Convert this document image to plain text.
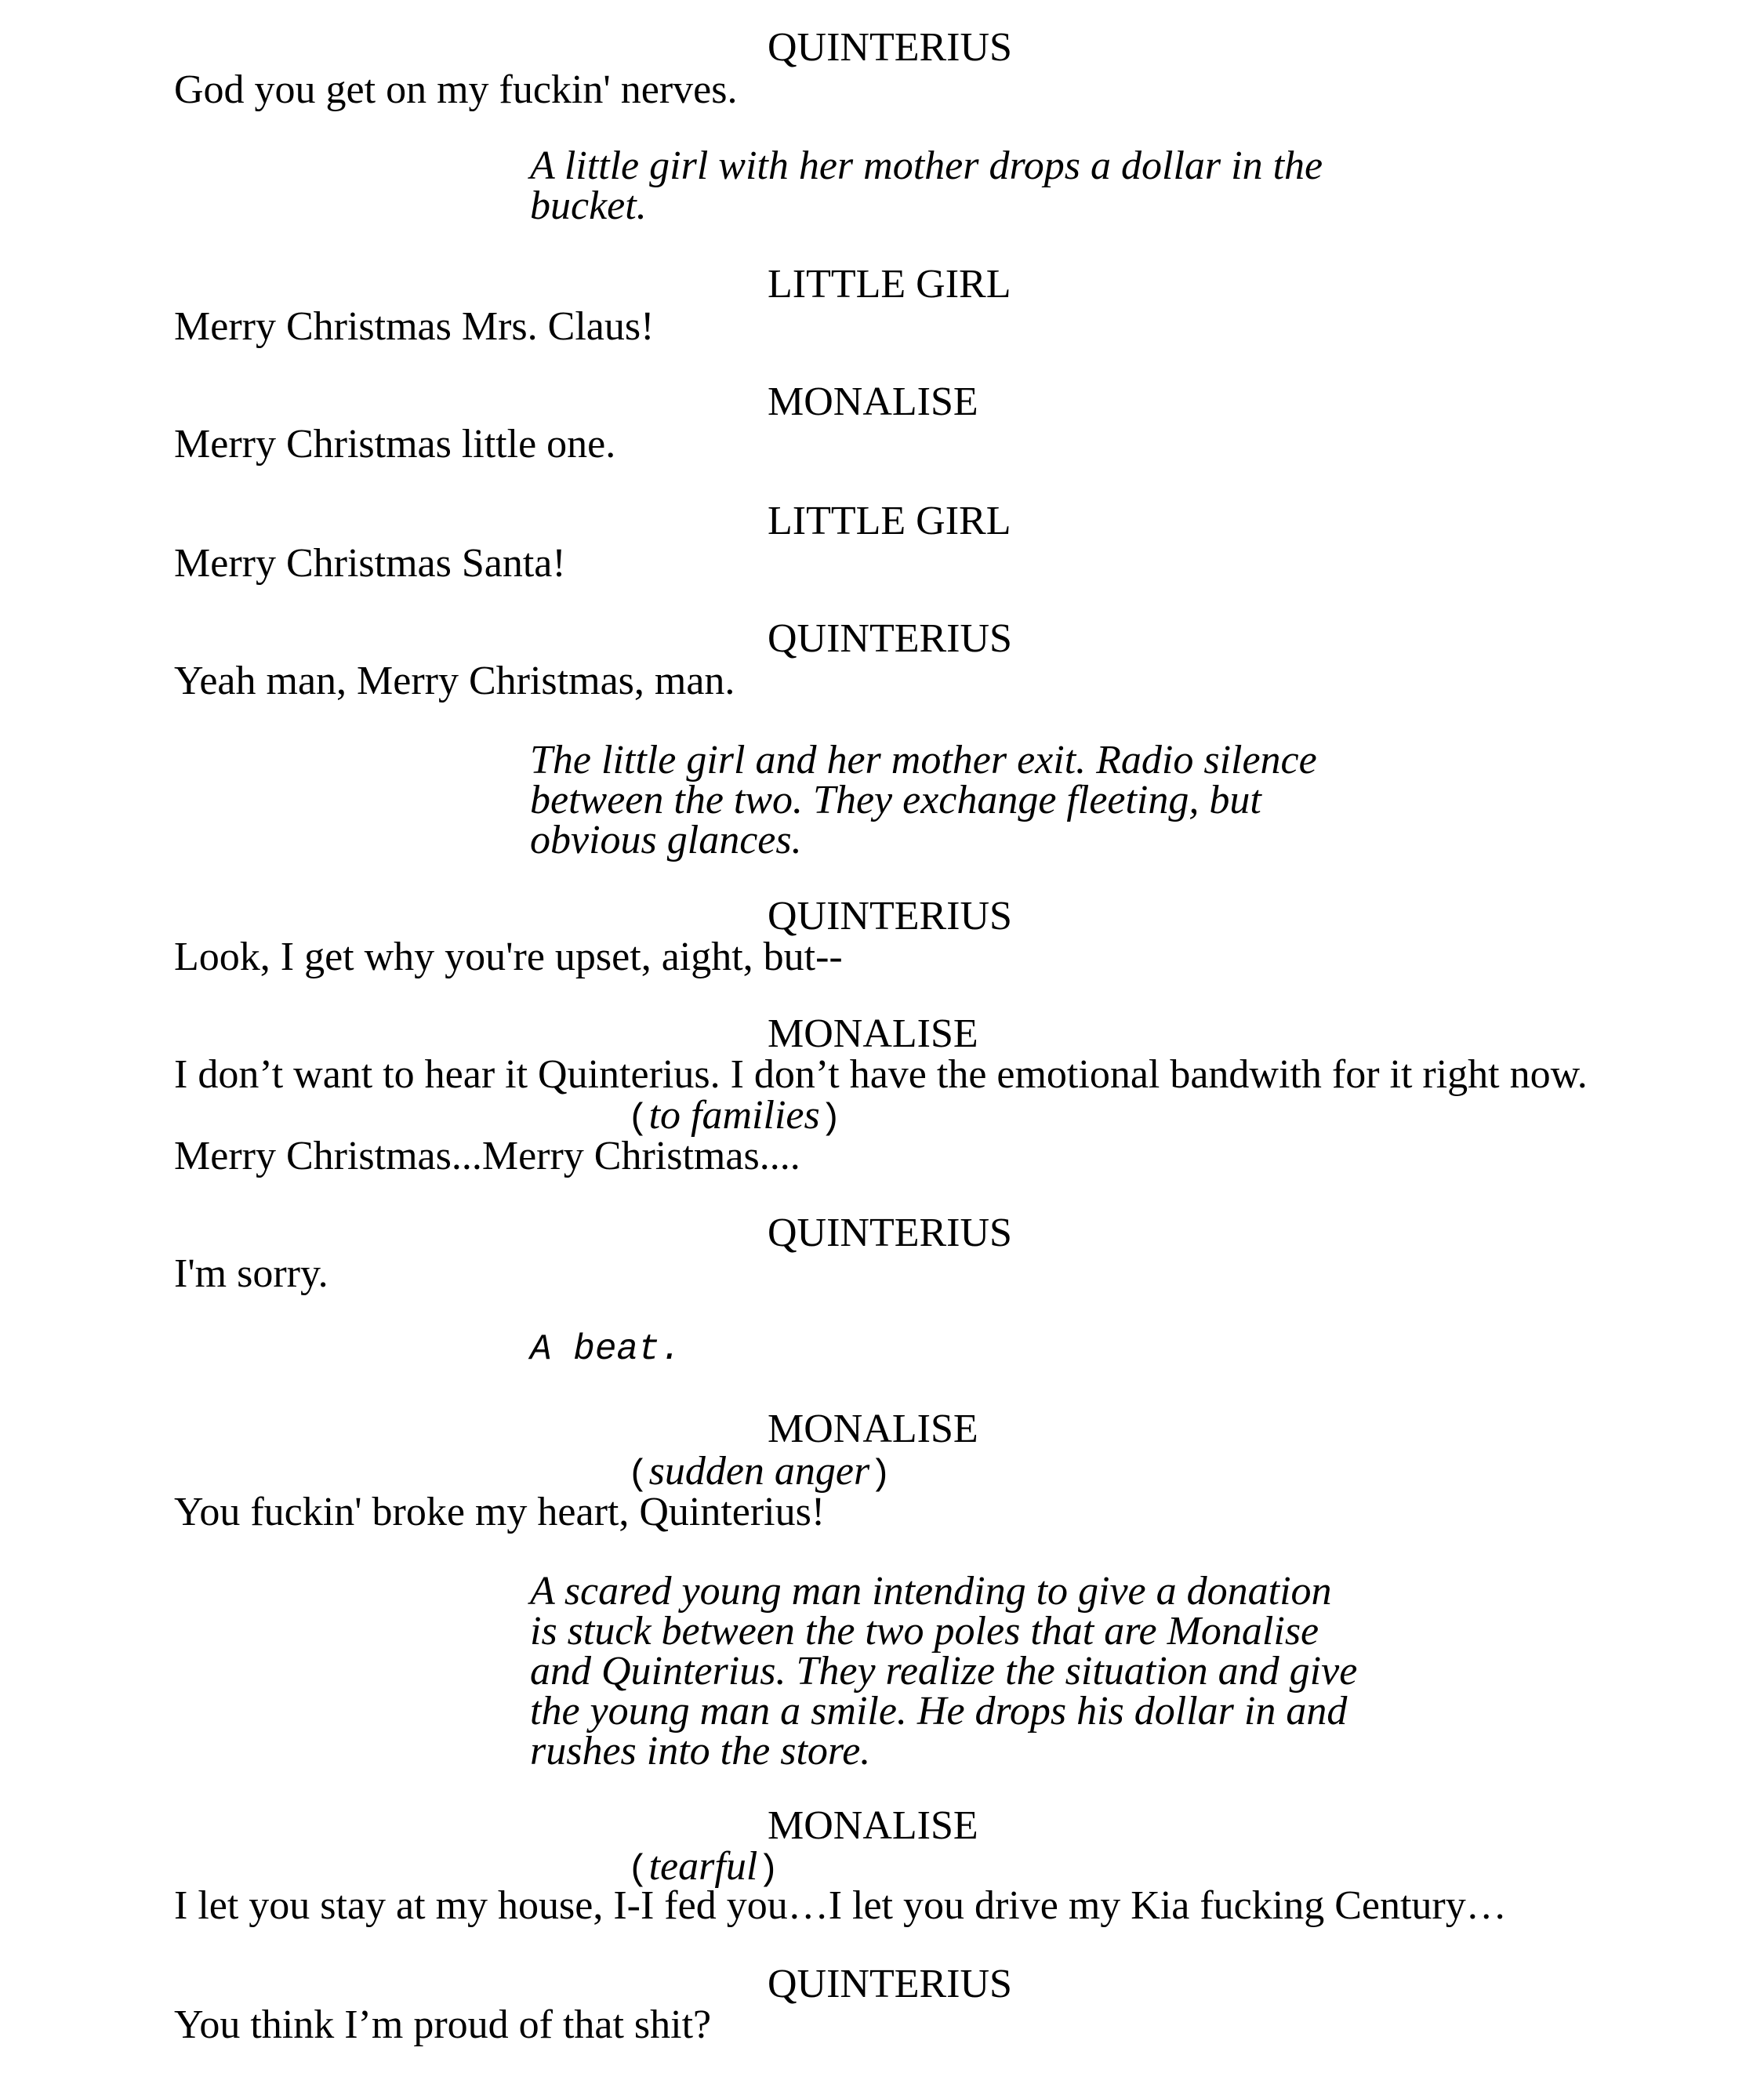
QUINTERIUS
God you get on my fuckin' nerves.
A little girl with her mother drops a dollar in the
bucket.
LITTLE GIRL
Merry Christmas Mrs. Claus!
MONALISE
Merry Christmas little one.
LITTLE GIRL
Merry Christmas Santa!
QUINTERIUS
Yeah man, Merry Christmas, man.
The little girl and her mother exit. Radio silence
between the two. They exchange fleeting, but
obvious glances.
QUINTERIUS
Look, I get why you're upset, aight, but--
MONALISE
I don’t want to hear it Quinterius. I don’t have the emotional bandwith for it right now.
(to families)
Merry Christmas...Merry Christmas....
QUINTERIUS
I'm sorry.
A beat.
MONALISE
(sudden anger)
You fuckin' broke my heart, Quinterius!
A scared young man intending to give a donation
is stuck between the two poles that are Monalise
and Quinterius. They realize the situation and give
the young man a smile. He drops his dollar in and
rushes into the store.
MONALISE
(tearful)
I let you stay at my house, I-I fed you…I let you drive my Kia fucking Century…
QUINTERIUS
You think I’m proud of that shit?
